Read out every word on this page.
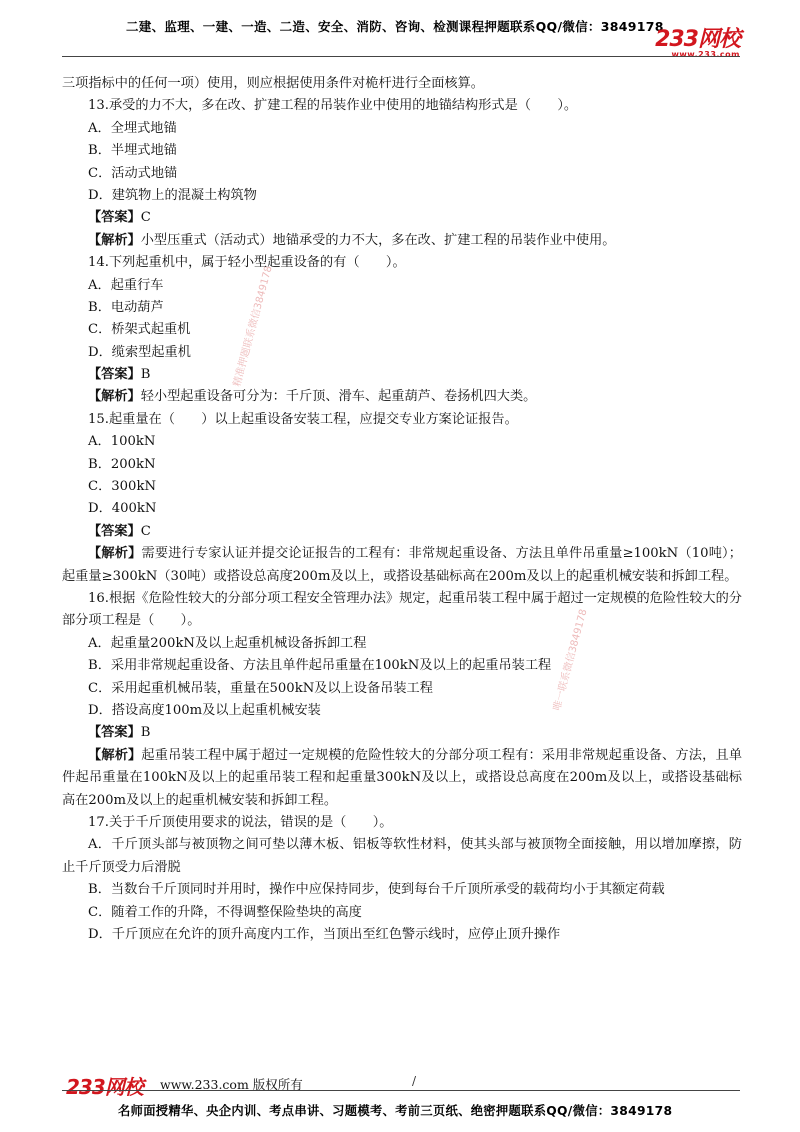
二建、监理、一建、一造、二造、安全、消防、咨询、检测课程押题联系QQ/微信：3849178
233网校
www.233.com
精准押题联系微信3849178
唯一联系微信3849178
三项指标中的任何一项）使用，则应根据使用条件对桅杆进行全面核算。
13.承受的力不大，多在改、扩建工程的吊装作业中使用的地锚结构形式是（　　）。
A．全埋式地锚
B．半埋式地锚
C．活动式地锚
D．建筑物上的混凝土构筑物
【答案】C
【解析】小型压重式（活动式）地锚承受的力不大，多在改、扩建工程的吊装作业中使用。
14.下列起重机中，属于轻小型起重设备的有（　　）。
A．起重行车
B．电动葫芦
C．桥架式起重机
D．缆索型起重机
【答案】B
【解析】轻小型起重设备可分为：千斤顶、滑车、起重葫芦、卷扬机四大类。
15.起重量在（　　）以上起重设备安装工程，应提交专业方案论证报告。
A．100kN
B．200kN
C．300kN
D．400kN
【答案】C
【解析】需要进行专家认证并提交论证报告的工程有：非常规起重设备、方法且单件吊重量≥100kN（10吨）；起重量≥300kN（30吨）或搭设总高度200m及以上，或搭设基础标高在200m及以上的起重机械安装和拆卸工程。
16.根据《危险性较大的分部分项工程安全管理办法》规定，起重吊装工程中属于超过一定规模的危险性较大的分部分项工程是（　　）。
A．起重量200kN及以上起重机械设备拆卸工程
B．采用非常规起重设备、方法且单件起吊重量在100kN及以上的起重吊装工程
C．采用起重机械吊装，重量在500kN及以上设备吊装工程
D．搭设高度100m及以上起重机械安装
【答案】B
【解析】起重吊装工程中属于超过一定规模的危险性较大的分部分项工程有：采用非常规起重设备、方法，且单件起吊重量在100kN及以上的起重吊装工程和起重量300kN及以上，或搭设总高度在200m及以上，或搭设基础标高在200m及以上的起重机械安装和拆卸工程。
17.关于千斤顶使用要求的说法，错误的是（　　）。
A．千斤顶头部与被顶物之间可垫以薄木板、铝板等软性材料，使其头部与被顶物全面接触，用以增加摩擦，防止千斤顶受力后滑脱
B．当数台千斤顶同时并用时，操作中应保持同步，使到每台千斤顶所承受的载荷均小于其额定荷载
C．随着工作的升降，不得调整保险垫块的高度
D．千斤顶应在允许的顶升高度内工作，当顶出至红色警示线时，应停止顶升操作
233网校 www.233.com 版权所有	/
名师面授精华、央企内训、考点串讲、习题模考、考前三页纸、绝密押题联系QQ/微信：3849178
